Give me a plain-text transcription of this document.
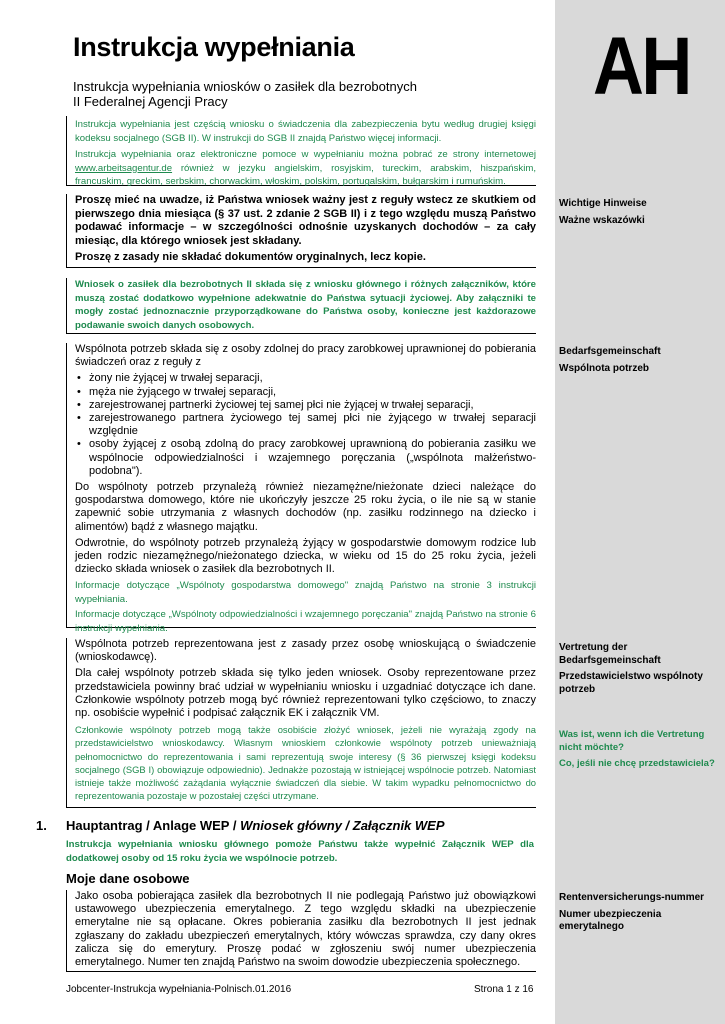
AH
Instrukcja wypełniania
Instrukcja wypełniania wniosków o zasiłek dla bezrobotnych
II Federalnej Agencji Pracy

Instrukcja wypełniania jest częścią wniosku o świadczenia dla zabezpieczenia bytu według drugiej księgi kodeksu socjalnego (SGB II). W instrukcji do SGB II znajdą Państwo więcej informacji.

Instrukcja wypełniania oraz elektroniczne pomoce w wypełnianiu można pobrać ze strony internetowej www.arbeitsagentur.de również w jezyku angielskim, rosyjskim, tureckim, arabskim, hiszpańskim, francuskim, greckim, serbskim, chorwackim, włoskim, polskim, portugalskim, bułgarskim i rumuńskim.

Proszę mieć na uwadze, iż Państwa wniosek ważny jest z reguły wstecz ze skutkiem od pierwszego dnia miesiąca (§ 37 ust. 2 zdanie 2 SGB II) i z tego względu muszą Państwo podawać informacje – w szczególności odnośnie uzyskanych dochodów – za cały miesiąc, dla którego wniosek jest składany.

Proszę z zasady nie składać dokumentów oryginalnych, lecz kopie.

Wniosek o zasiłek dla bezrobotnych II składa się z wniosku głównego i różnych załączników, które muszą zostać dodatkowo wypełnione adekwatnie do Państwa sytuacji życiowej. Aby załączniki te mogły zostać jednoznacznie przyporządkowane do Państwa osoby, konieczne jest każdorazowe podawanie swoich danych osobowych.

Wspólnota potrzeb składa się z osoby zdolnej do pracy zarobkowej uprawnionej do pobierania świadczeń oraz z reguły z

• żony nie żyjącej w trwałej separacji,
• męża nie żyjącego w trwałej separacji,
• zarejestrowanej partnerki życiowej tej samej płci nie żyjącej w trwałej separacji,
• zarejestrowanego partnera życiowego tej samej płci nie żyjącego w trwałej separacji względnie
• osoby żyjącej z osobą zdolną do pracy zarobkowej uprawnioną do pobierania zasiłku we wspólnocie odpowiedzialności i wzajemnego poręczania („wspólnota małżeństwo-podobna").

Do wspólnoty potrzeb przynależą również niezamężne/nieżonate dzieci należące do gospodarstwa domowego, które nie ukończyły jeszcze 25 roku życia, o ile nie są w stanie zapewnić sobie utrzymania z własnych dochodów (np. zasiłku rodzinnego na dziecko i alimentów) bądź z własnego majątku.

Odwrotnie, do wspólnoty potrzeb przynależą żyjący w gospodarstwie domowym rodzice lub jeden rodzic niezamężnego/nieżonatego dziecka, w wieku od 15 do 25 roku życia, jeżeli dziecko składa wniosek o zasiłek dla bezrobotnych II.

Informacje dotyczące „Wspólnoty gospodarstwa domowego" znajdą Państwo na stronie 3 instrukcji wypełniania.

Informacje dotyczące „Wspólnoty odpowiedzialności i wzajemnego poręczania" znajdą Państwo na stronie 6 instrukcji wypełniania.

Wspólnota potrzeb reprezentowana jest z zasady przez osobę wnioskującą o świadczenie (wnioskodawcę).

Dla całej wspólnoty potrzeb składa się tylko jeden wniosek. Osoby reprezentowane przez przedstawiciela powinny brać udział w wypełnianiu wniosku i uzgadniać dotyczące ich dane. Członkowie wspólnoty potrzeb mogą być również reprezentowani tylko częściowo, to znaczy np. osobiście wypełnić i podpisać załącznik EK i załącznik VM.

Członkowie wspólnoty potrzeb mogą także osobiście złożyć wniosek, jeżeli nie wyrażają zgody na przedstawicielstwo wnioskodawcy. Własnym wnioskiem członkowie wspólnoty potrzeb unieważniają pełnomocnictwo do reprezentowania i sami reprezentują swoje interesy (§ 36 pierwszej księgi kodeksu socjalnego (SGB I) obowiązuje odpowiednio). Jednakże pozostają w istniejącej wspólnocie potrzeb. Natomiast istnieje także możliwość zażądania wyłącznie świadczeń dla siebie. W takim wypadku pełnomocnictwo do reprezentowania pozostaje w pozostałej części utrzymane.

Wichtige Hinweise

Ważne wskazówki

Bedarfsgemeinschaft

Wspólnota potrzeb

Vertretung der Bedarfsgemeinschaft

Przedstawicielstwo wspólnoty potrzeb

Was ist, wenn ich die Vertretung nicht möchte?

Co, jeśli nie chcę przedstawiciela?

Rentenversicherungs-nummer

Numer ubezpieczenia emerytalnego

1. Hauptantrag / Anlage WEP / Wniosek główny / Załącznik WEP

Instrukcja wypełniania wniosku głównego pomoże Państwu także wypełnić Załącznik WEP dla dodatkowej osoby od 15 roku życia we wspólnocie potrzeb.

Moje dane osobowe

Jako osoba pobierająca zasiłek dla bezrobotnych II nie podlegają Państwo już obowiązkowi ustawowego ubezpieczenia emerytalnego. Z tego względu składki na ubezpieczenie emerytalne nie są opłacane. Okres pobierania zasiłku dla bezrobotnych II jest jednak zgłaszany do zakładu ubezpieczeń emerytalnych, który wówczas sprawdza, czy dany okres zalicza się do emerytury. Proszę podać w zgłoszeniu swój numer ubezpieczenia emerytalnego. Numer ten znajdą Państwo na swoim dowodzie ubezpieczenia społecznego.

Jobcenter-Instrukcja wypełniania-Polnisch.01.2016	Strona 1 z 16
